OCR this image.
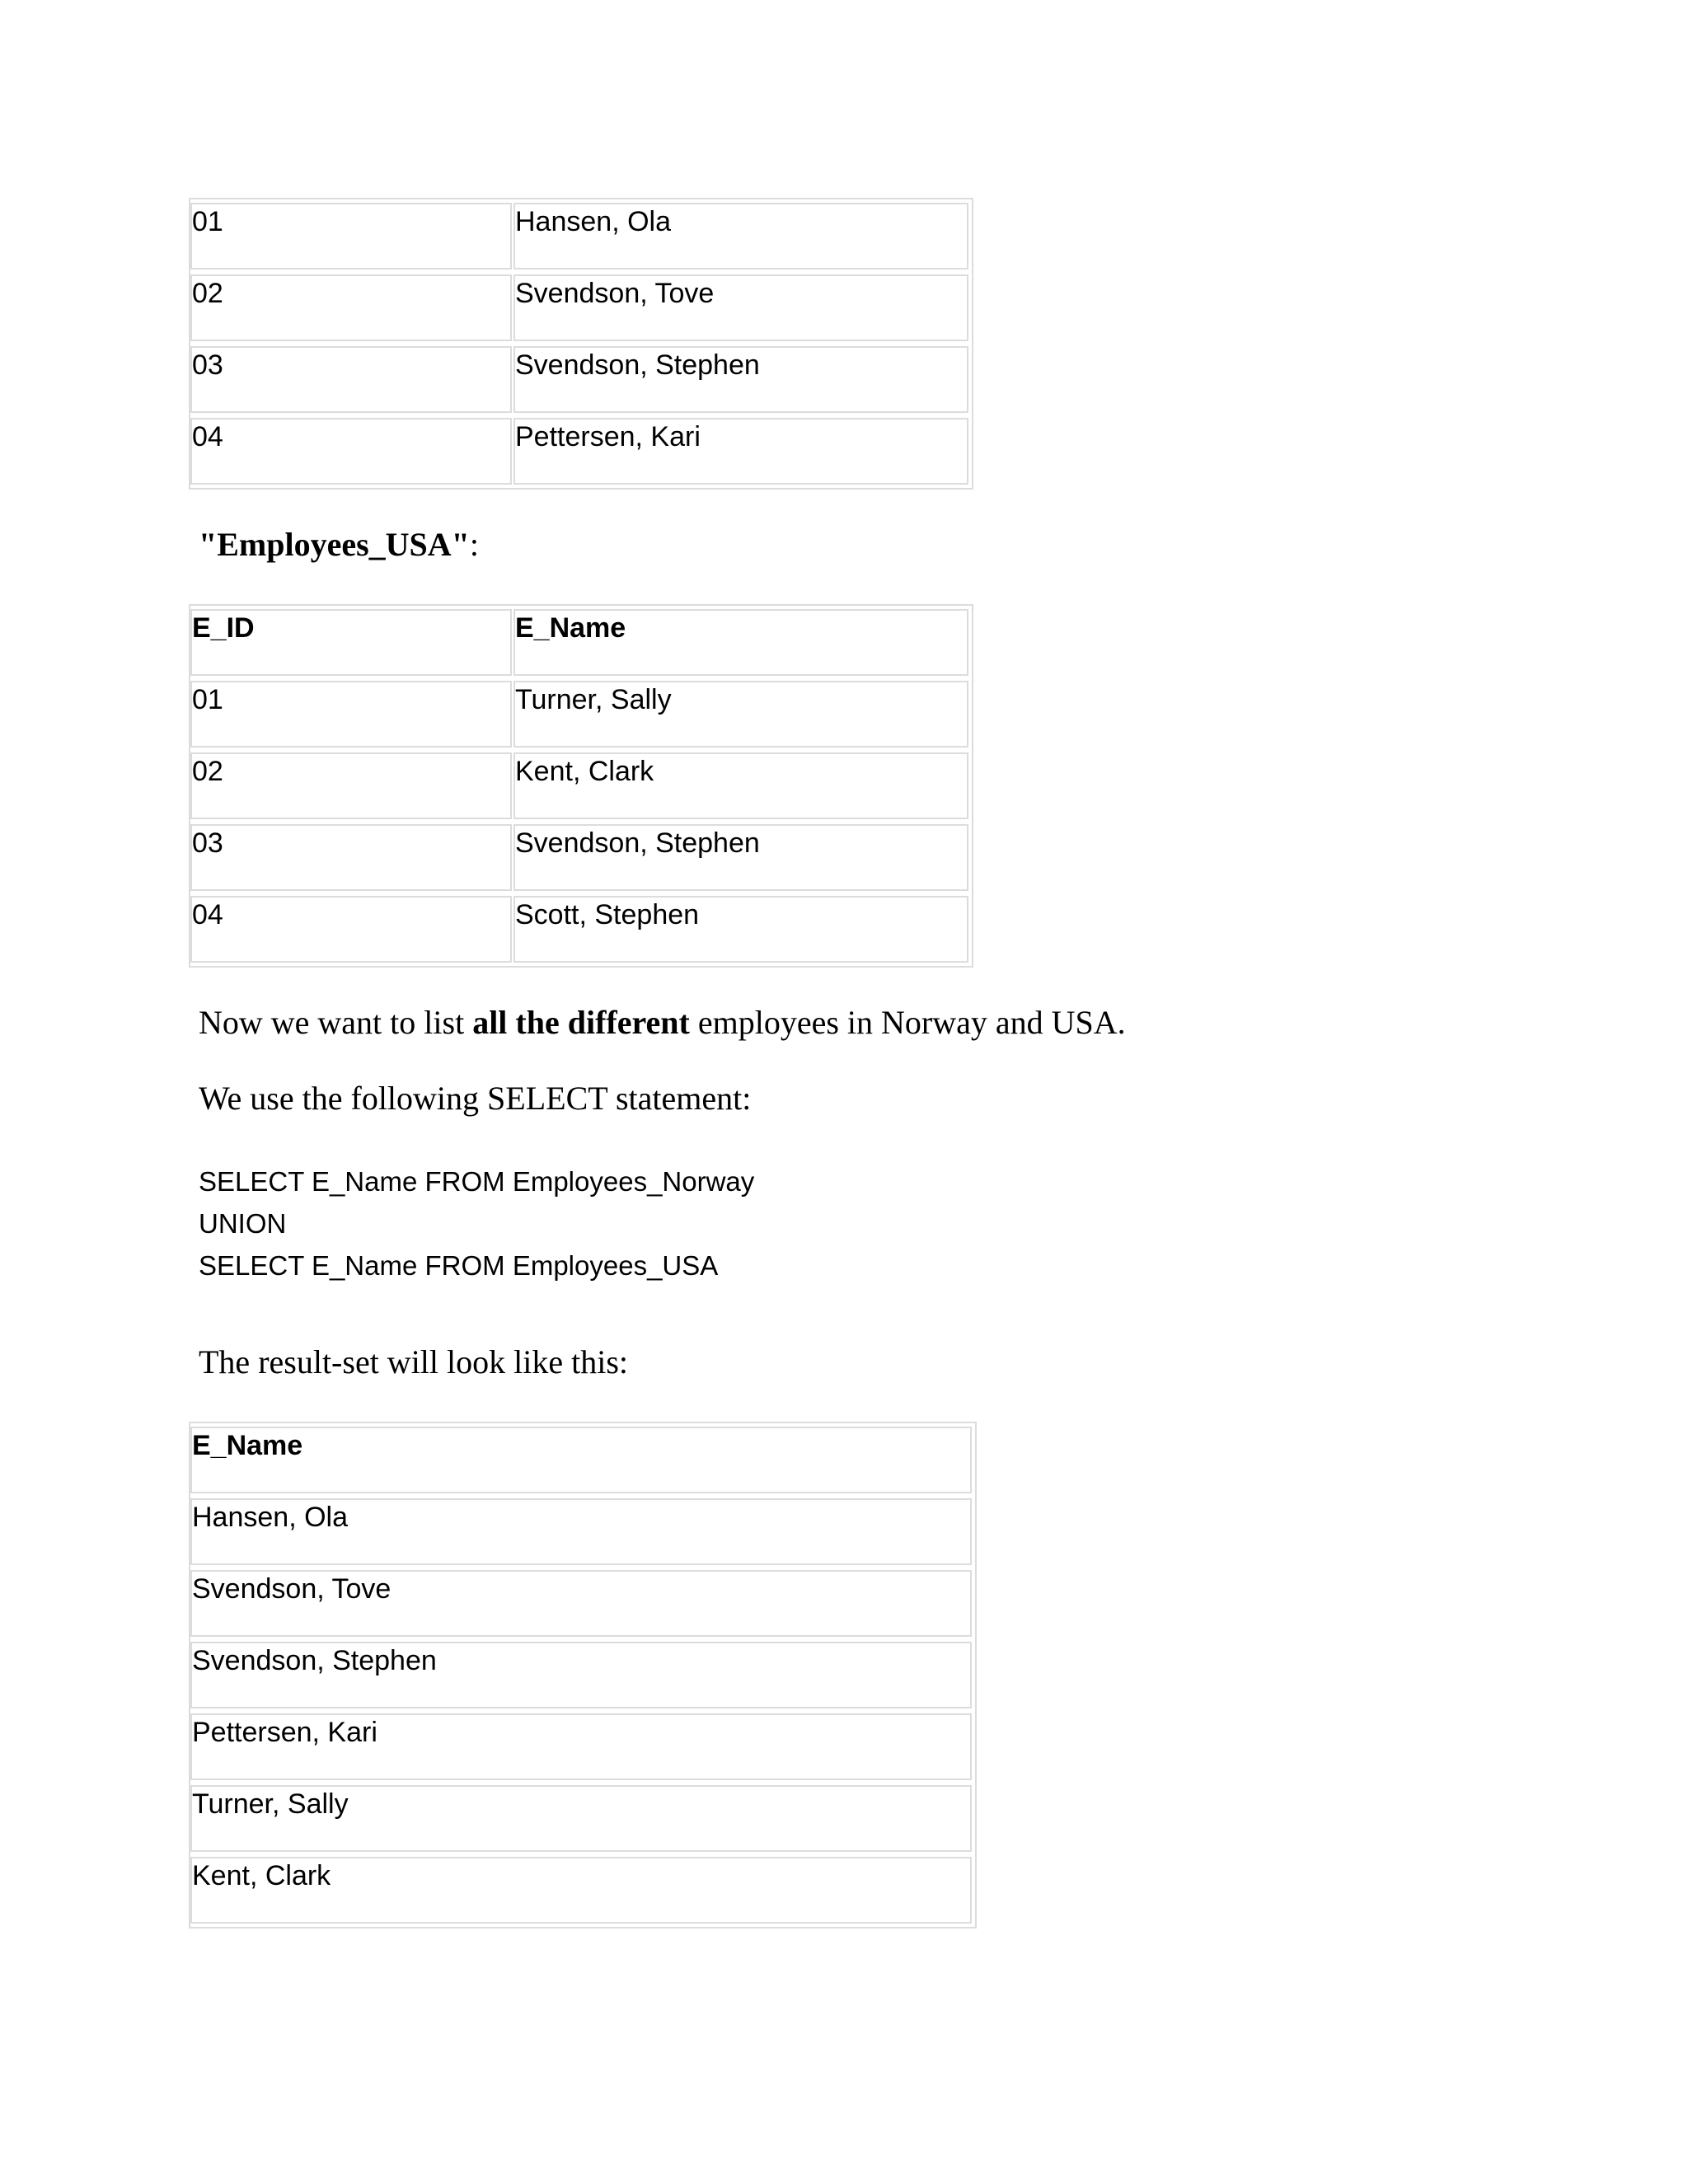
01	Hansen, Ola
02	Svendson, Tove
03	Svendson, Stephen
04	Pettersen, Kari
"Employees_USA":
E_ID	E_Name
01	Turner, Sally
02	Kent, Clark
03	Svendson, Stephen
04	Scott, Stephen
Now we want to list all the different employees in Norway and USA.
We use the following SELECT statement:
SELECT E_Name FROM Employees_Norway
UNION
SELECT E_Name FROM Employees_USA
The result-set will look like this:
E_Name
Hansen, Ola
Svendson, Tove
Svendson, Stephen
Pettersen, Kari
Turner, Sally
Kent, Clark
